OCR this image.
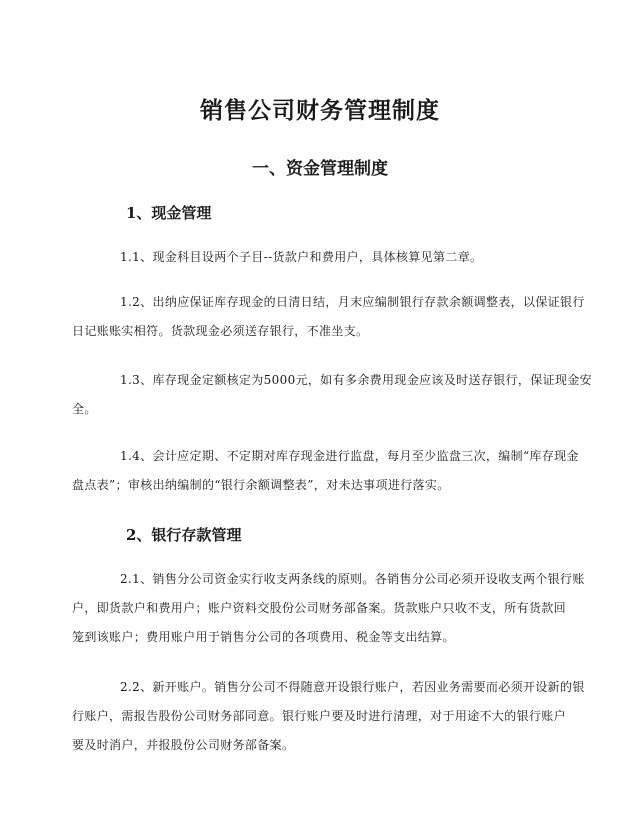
销售公司财务管理制度
一、资金管理制度
1、现金管理
1.1、现金科目设两个子目--货款户和费用户，具体核算见第二章。
1.2、出纳应保证库存现金的日清日结，月末应编制银行存款余额调整表，以保证银行
日记账账实相符。货款现金必须送存银行，不准坐支。
1.3、库存现金定额核定为5000元，如有多余费用现金应该及时送存银行，保证现金安
全。
1.4、会计应定期、不定期对库存现金进行监盘，每月至少监盘三次，编制“库存现金
盘点表”；审核出纳编制的“银行余额调整表”，对未达事项进行落实。
2、银行存款管理
2.1、销售分公司资金实行收支两条线的原则。各销售分公司必须开设收支两个银行账
户，即货款户和费用户；账户资料交股份公司财务部备案。货款账户只收不支，所有货款回
笼到该账户；费用账户用于销售分公司的各项费用、税金等支出结算。
2.2、新开账户。销售分公司不得随意开设银行账户，若因业务需要而必须开设新的银
行账户，需报告股份公司财务部同意。银行账户要及时进行清理，对于用途不大的银行账户
要及时消户，并报股份公司财务部备案。
